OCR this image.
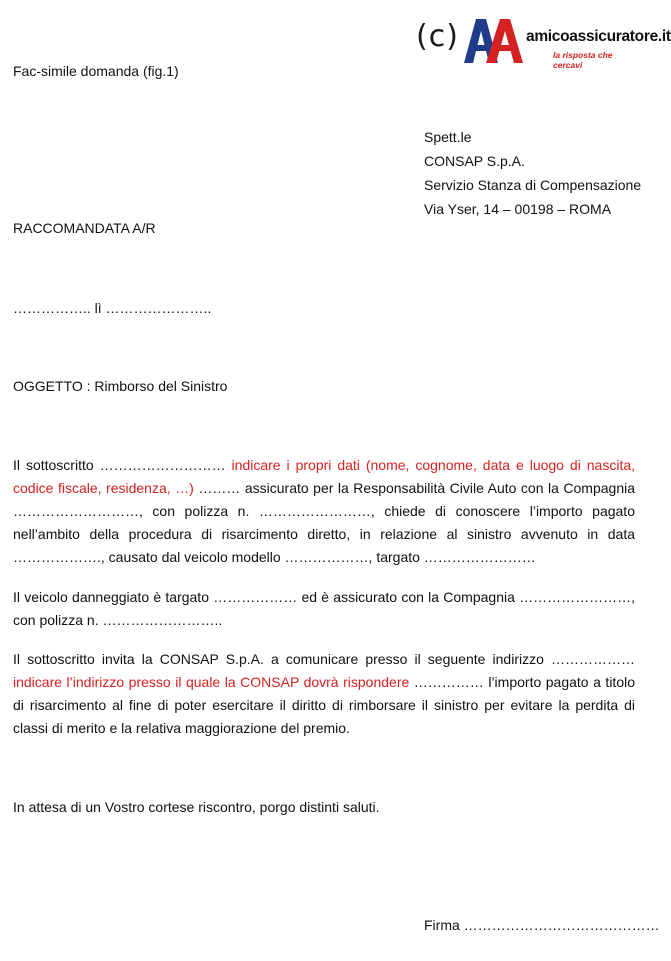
(c)	amicoassicuratore.it
la risposta che cercavi
Fac-simile domanda (fig.1)
Spett.le
CONSAP S.p.A.
Servizio Stanza di Compensazione
Via Yser, 14 – 00198 – ROMA
RACCOMANDATA A/R
…………….. lì …………………..
OGGETTO : Rimborso del Sinistro
Il sottoscritto ……………………… indicare i propri dati (nome, cognome, data e luogo di nascita, codice fiscale, residenza, …) ……… assicurato per la Responsabilità Civile Auto con la Compagnia ………………………, con polizza n. ……………………, chiede di conoscere l’importo pagato nell’ambito della procedura di risarcimento diretto, in relazione al sinistro avvenuto in data ………………., causato dal veicolo modello ………………, targato ……………………
Il veicolo danneggiato è targato ……………… ed è assicurato con la Compagnia ……………………, con polizza n. ……………………..
Il sottoscritto invita la CONSAP S.p.A. a comunicare presso il seguente indirizzo ……………… indicare l’indirizzo presso il quale la CONSAP dovrà rispondere …………… l’importo pagato a titolo di risarcimento al fine di poter esercitare il diritto di rimborsare il sinistro per evitare la perdita di classi di merito e la relativa maggiorazione del premio.
In attesa di un Vostro cortese riscontro, porgo distinti saluti.
Firma ……………………………………
